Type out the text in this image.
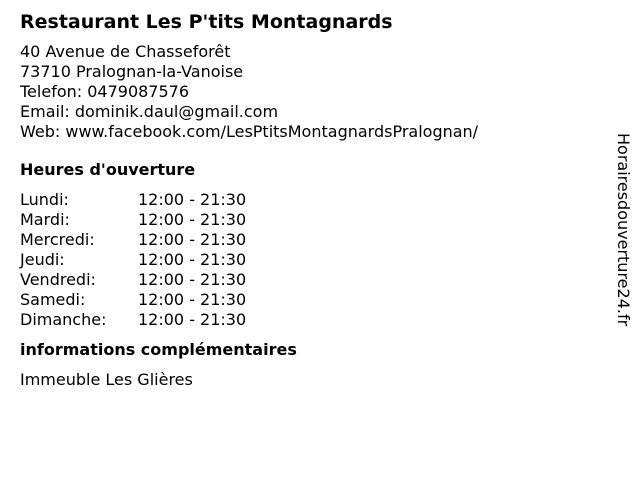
Restaurant Les P'tits Montagnards
40 Avenue de Chasseforêt
73710 Pralognan-la-Vanoise
Telefon: 0479087576
Email: dominik.daul@gmail.com
Web: www.facebook.com/LesPtitsMontagnardsPralognan/
Heures d'ouverture
Lundi:	12:00 - 21:30
Mardi:	12:00 - 21:30
Mercredi:	12:00 - 21:30
Jeudi:	12:00 - 21:30
Vendredi:	12:00 - 21:30
Samedi:	12:00 - 21:30
Dimanche:	12:00 - 21:30
informations complémentaires
Immeuble Les Glières
Horairesdouverture24.fr
